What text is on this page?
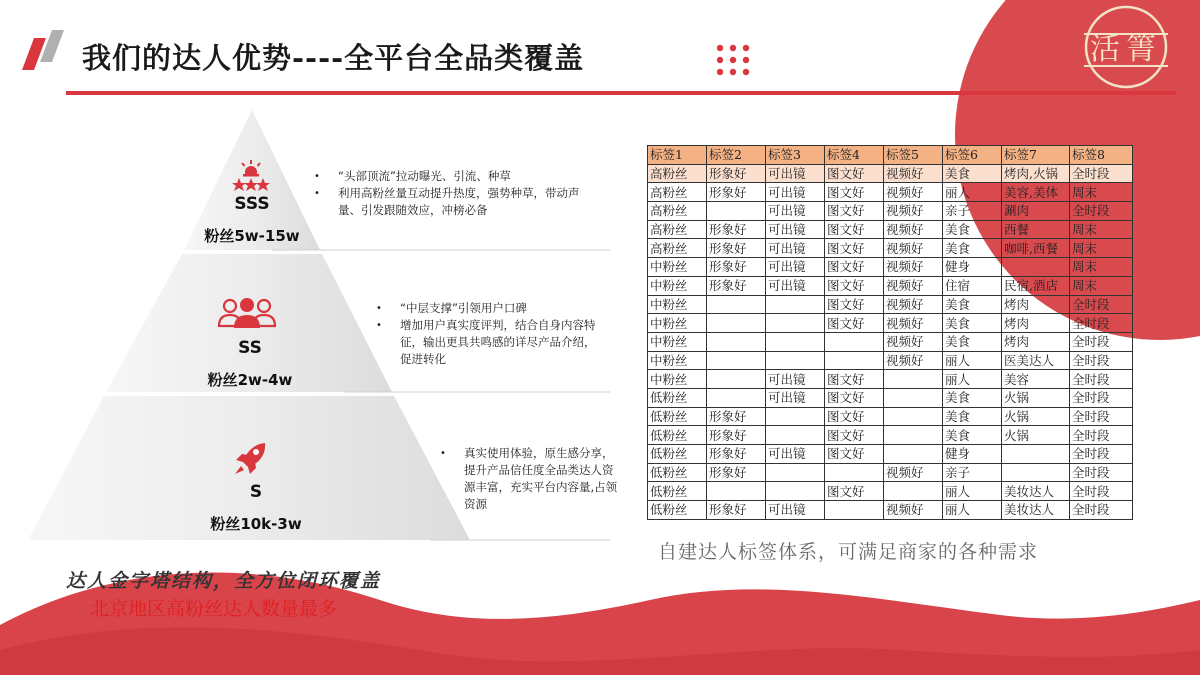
活箐
我们的达人优势----全平台全品类覆盖
SSS
粉丝5w-15w
• “头部顶流”拉动曝光、引流、种草
• 利用高粉丝量互动提升热度，强势种草，带动声量、引发跟随效应，冲榜必备
SS
粉丝2w-4w
• “中层支撑”引领用户口碑
• 增加用户真实度评判，结合自身内容特征，输出更具共鸣感的详尽产品介绍，促进转化
S
粉丝10k-3w
• 真实使用体验，原生感分享，提升产品信任度全品类达人资源丰富，充实平台内容量,占领资源
标签1	标签2	标签3	标签4	标签5	标签6	标签7	标签8
高粉丝	形象好	可出镜	图文好	视频好	美食	烤肉,火锅	全时段
高粉丝	形象好	可出镜	图文好	视频好	丽人	美容,美体	周末
高粉丝		可出镜	图文好	视频好	亲子	涮肉	全时段
高粉丝	形象好	可出镜	图文好	视频好	美食	西餐	周末
高粉丝	形象好	可出镜	图文好	视频好	美食	咖啡,西餐	周末
中粉丝	形象好	可出镜	图文好	视频好	健身		周末
中粉丝	形象好	可出镜	图文好	视频好	住宿	民宿,酒店	周末
中粉丝			图文好	视频好	美食	烤肉	全时段
中粉丝			图文好	视频好	美食	烤肉	全时段
中粉丝				视频好	美食	烤肉	全时段
中粉丝				视频好	丽人	医美达人	全时段
中粉丝		可出镜	图文好		丽人	美容	全时段
低粉丝		可出镜	图文好		美食	火锅	全时段
低粉丝	形象好		图文好		美食	火锅	全时段
低粉丝	形象好		图文好		美食	火锅	全时段
低粉丝	形象好	可出镜	图文好		健身		全时段
低粉丝	形象好			视频好	亲子		全时段
低粉丝			图文好		丽人	美妆达人	全时段
低粉丝	形象好	可出镜		视频好	丽人	美妆达人	全时段
自建达人标签体系，可满足商家的各种需求
达人金字塔结构，全方位闭环覆盖
北京地区高粉丝达人数量最多
